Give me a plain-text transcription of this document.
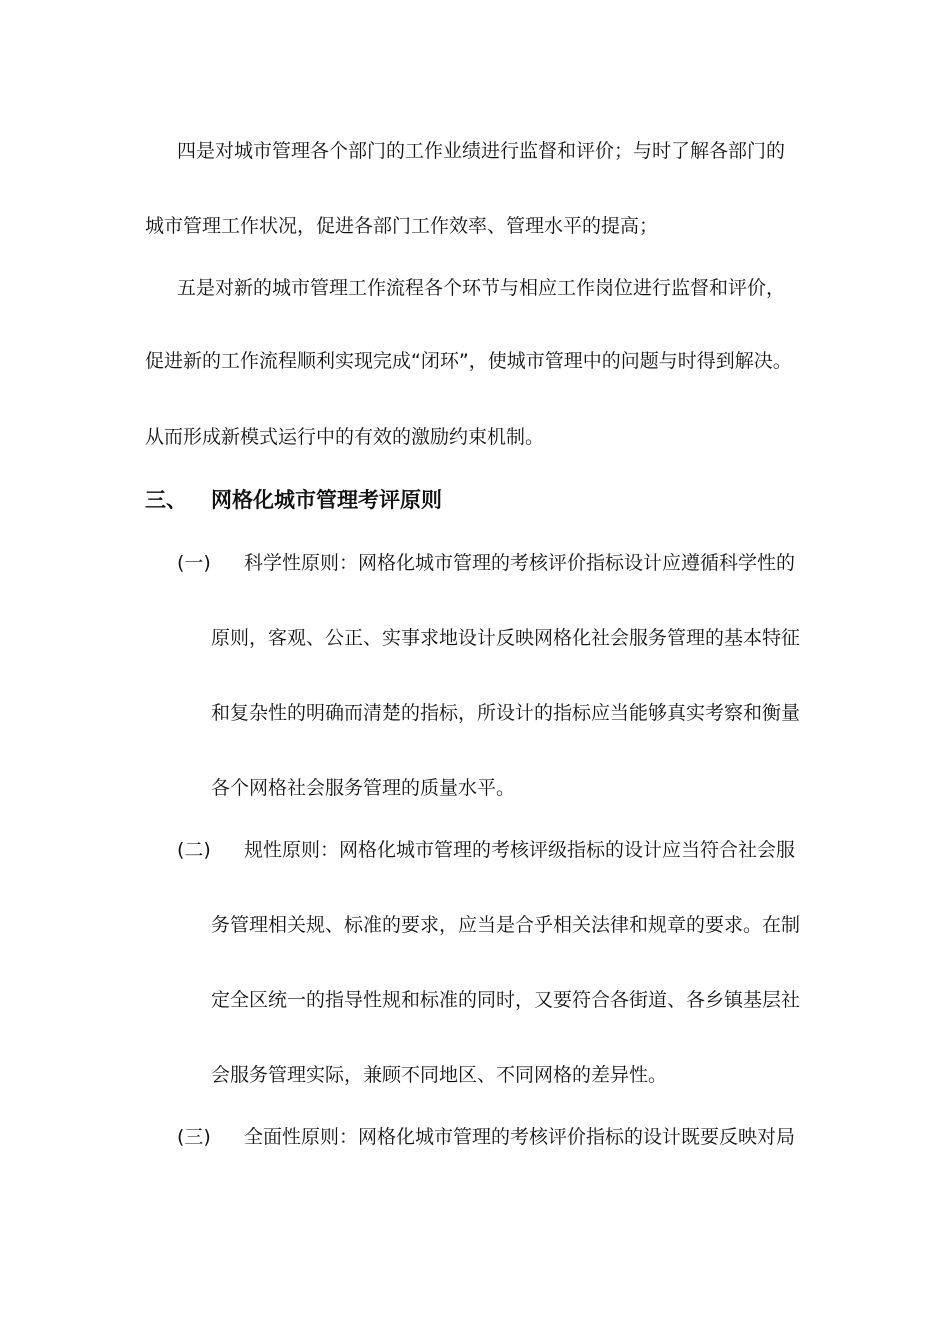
四是对城市管理各个部门的工作业绩进行监督和评价；与时了解各部门的
城市管理工作状况，促进各部门工作效率、管理水平的提高；
五是对新的城市管理工作流程各个环节与相应工作岗位进行监督和评价，
促进新的工作流程顺利实现完成“闭环”，使城市管理中的问题与时得到解决。
从而形成新模式运行中的有效的激励约束机制。
三、 网格化城市管理考评原则
(一) 科学性原则：网格化城市管理的考核评价指标设计应遵循科学性的
原则，客观、公正、实事求地设计反映网格化社会服务管理的基本特征
和复杂性的明确而清楚的指标，所设计的指标应当能够真实考察和衡量
各个网格社会服务管理的质量水平。
(二) 规性原则：网格化城市管理的考核评级指标的设计应当符合社会服
务管理相关规、标准的要求，应当是合乎相关法律和规章的要求。在制
定全区统一的指导性规和标准的同时，又要符合各街道、各乡镇基层社
会服务管理实际，兼顾不同地区、不同网格的差异性。
(三) 全面性原则：网格化城市管理的考核评价指标的设计既要反映对局
